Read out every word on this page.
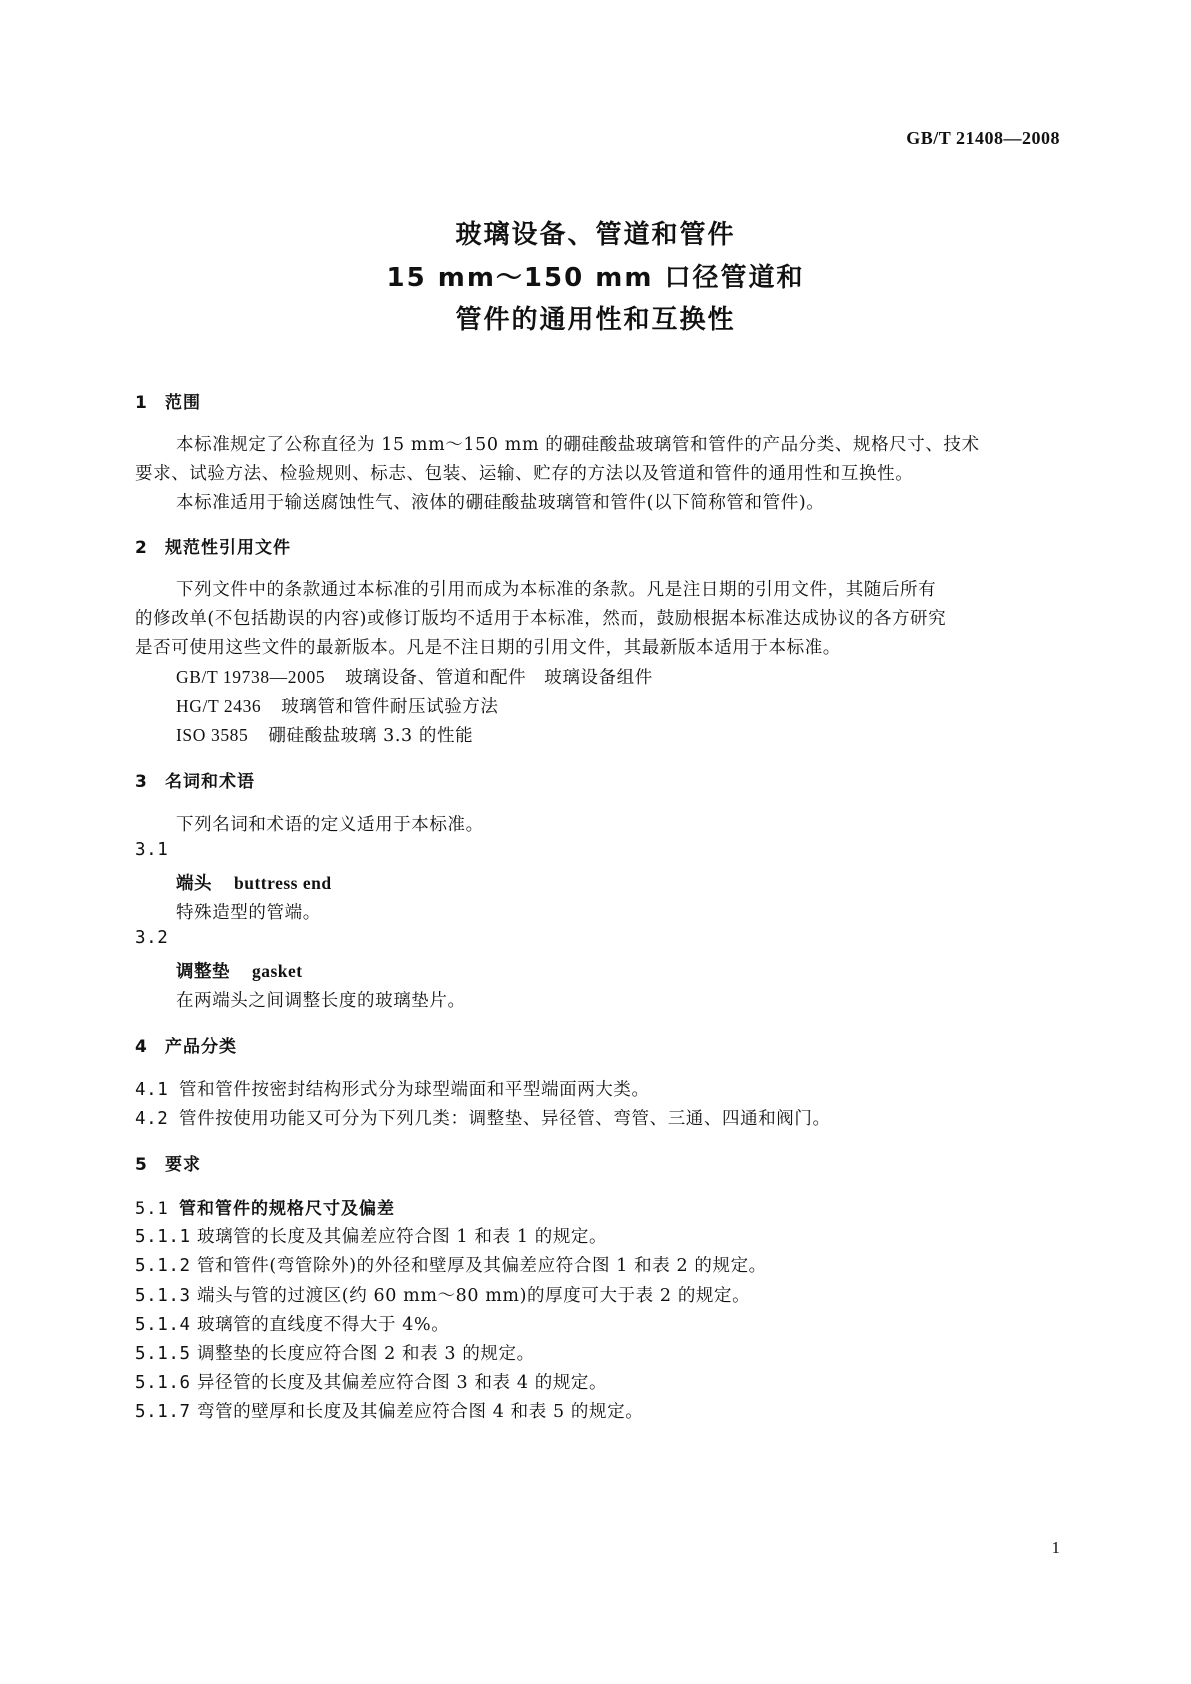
GB/T 21408—2008
玻璃设备、管道和管件
15 mm～150 mm 口径管道和
管件的通用性和互换性
1 范围
本标准规定了公称直径为 15 mm～150 mm 的硼硅酸盐玻璃管和管件的产品分类、规格尺寸、技术
要求、试验方法、检验规则、标志、包装、运输、贮存的方法以及管道和管件的通用性和互换性。
本标准适用于输送腐蚀性气、液体的硼硅酸盐玻璃管和管件(以下简称管和管件)。
2 规范性引用文件
下列文件中的条款通过本标准的引用而成为本标准的条款。凡是注日期的引用文件，其随后所有
的修改单(不包括勘误的内容)或修订版均不适用于本标准，然而，鼓励根据本标准达成协议的各方研究
是否可使用这些文件的最新版本。凡是不注日期的引用文件，其最新版本适用于本标准。
GB/T 19738—2005 玻璃设备、管道和配件　玻璃设备组件
HG/T 2436 玻璃管和管件耐压试验方法
ISO 3585 硼硅酸盐玻璃 3.3 的性能
3 名词和术语
下列名词和术语的定义适用于本标准。
3.1
端头 buttress end
特殊造型的管端。
3.2
调整垫 gasket
在两端头之间调整长度的玻璃垫片。
4 产品分类
4.1 管和管件按密封结构形式分为球型端面和平型端面两大类。
4.2 管件按使用功能又可分为下列几类：调整垫、异径管、弯管、三通、四通和阀门。
5 要求
5.1 管和管件的规格尺寸及偏差
5.1.1 玻璃管的长度及其偏差应符合图 1 和表 1 的规定。
5.1.2 管和管件(弯管除外)的外径和壁厚及其偏差应符合图 1 和表 2 的规定。
5.1.3 端头与管的过渡区(约 60 mm～80 mm)的厚度可大于表 2 的规定。
5.1.4 玻璃管的直线度不得大于 4%。
5.1.5 调整垫的长度应符合图 2 和表 3 的规定。
5.1.6 异径管的长度及其偏差应符合图 3 和表 4 的规定。
5.1.7 弯管的壁厚和长度及其偏差应符合图 4 和表 5 的规定。
1
